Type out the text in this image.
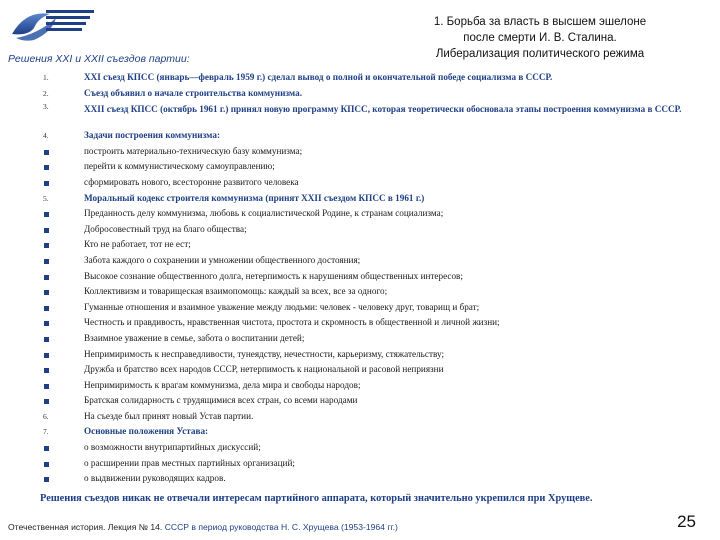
1. Борьба за власть в высшем эшелоне
после смерти И. В. Сталина.
Либерализация политического режима
Решения XXI и XXII съездов партии:
1.	XXI съезд КПСС (январь—февраль 1959 г.) сделал вывод о полной и окончательной победе социализма в СССР.
2.	Съезд объявил о начале строительства коммунизма.
3.	XXII съезд КПСС (октябрь 1961 г.) принял новую программу КПСС, которая теоретически обосновала этапы построения коммунизма в СССР.
4.	Задачи построения коммунизма:
построить материально-техническую базу коммунизма;
перейти к коммунистическому самоуправлению;
сформировать нового, всесторонне развитого человека
5.	Моральный кодекс строителя коммунизма (принят XXII съездом КПСС в 1961 г.)
Преданность делу коммунизма, любовь к социалистической Родине, к странам социализма;
Добросовестный труд на благо общества;
Кто не работает, тот не ест;
Забота каждого о сохранении и умножении общественного достояния;
Высокое сознание общественного долга, нетерпимость к нарушениям общественных интересов;
Коллективизм и товарищеская взаимопомощь: каждый за всех, все за одного;
Гуманные отношения и взаимное уважение между людьми: человек - человеку друг, товарищ и брат;
Честность и правдивость, нравственная чистота, простота и скромность в общественной и личной жизни;
Взаимное уважение в семье, забота о воспитании детей;
Непримиримость к несправедливости, тунеядству, нечестности, карьеризму, стяжательству;
Дружба и братство всех народов СССР, нетерпимость к национальной и расовой неприязни
Непримиримость к врагам коммунизма, дела мира и свободы народов;
Братская солидарность с трудящимися всех стран, со всеми народами
6.	На съезде был принят новый Устав партии.
7.	Основные положения Устава:
о возможности внутрипартийных дискуссий;
о расширении прав местных партийных организаций;
о выдвижении руководящих кадров.
Решения съездов никак не отвечали интересам партийного аппарата, который значительно укрепился при Хрущеве.
Отечественная история. Лекция № 14. СССР в период руководства Н. С. Хрущева (1953-1964 гг.)	25
